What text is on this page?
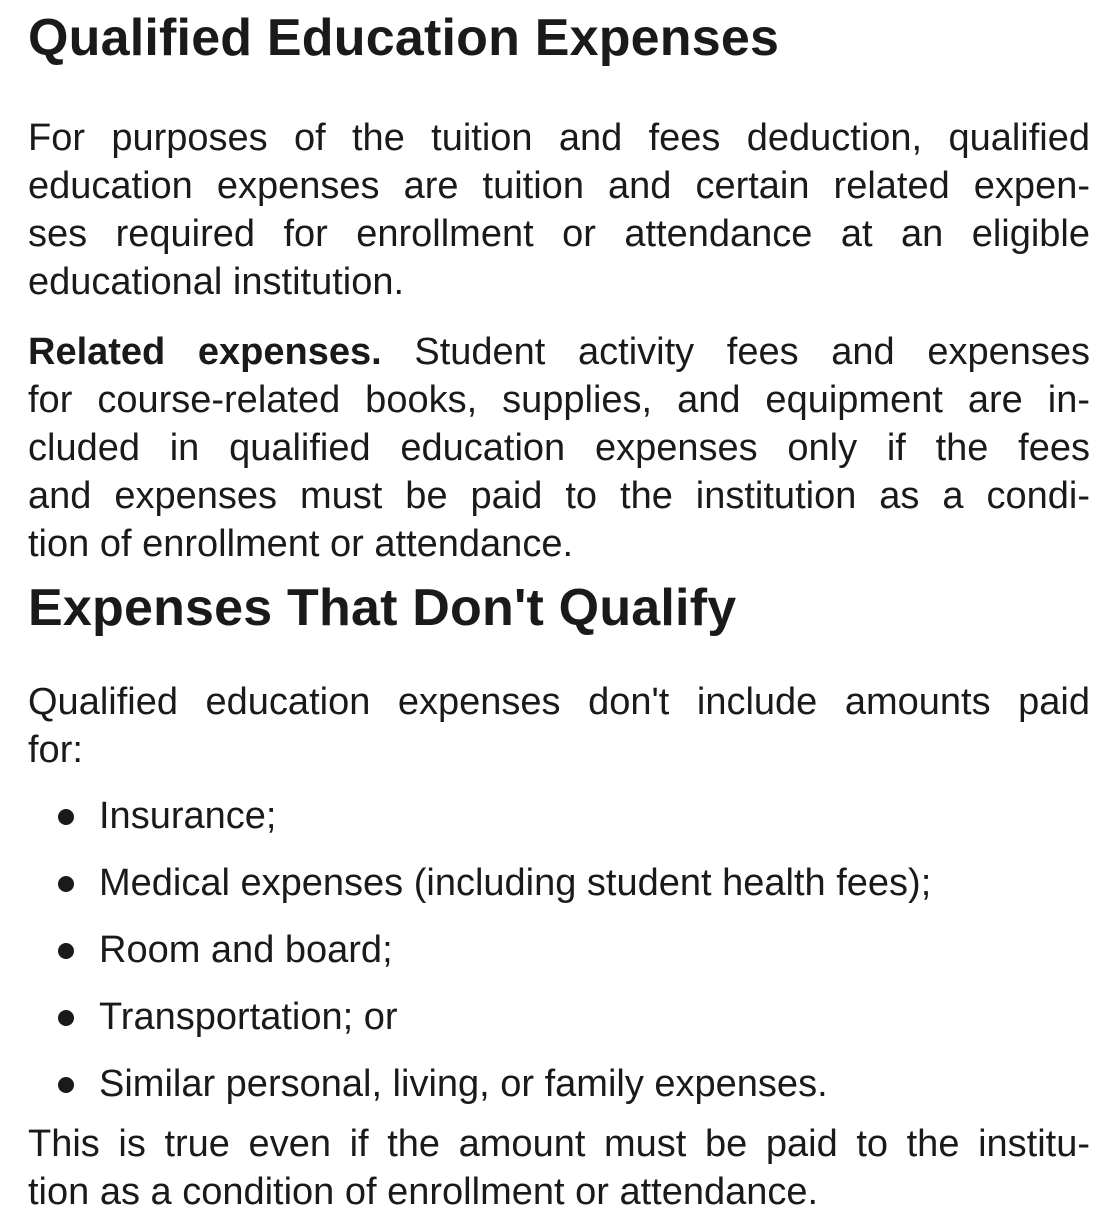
Qualified Education Expenses

For purposes of the tuition and fees deduction, qualified
education expenses are tuition and certain related expen-
ses required for enrollment or attendance at an eligible
educational institution.

Related expenses. Student activity fees and expenses
for course-related books, supplies, and equipment are in-
cluded in qualified education expenses only if the fees
and expenses must be paid to the institution as a condi-
tion of enrollment or attendance.

Expenses That Don't Qualify

Qualified education expenses don't include amounts paid
for:

Insurance;
Medical expenses (including student health fees);
Room and board;
Transportation; or
Similar personal, living, or family expenses.

This is true even if the amount must be paid to the institu-
tion as a condition of enrollment or attendance.
